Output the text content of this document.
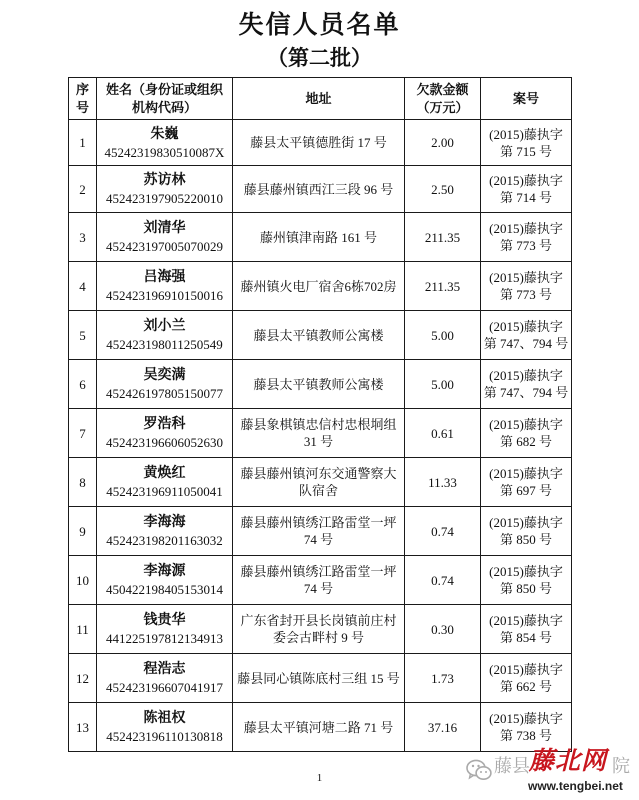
失信人员名单
（第二批）
序号	姓名（身份证或组织
机构代码）	地址	欠款金额
（万元）	案号
1	朱巍
45242319830510087X	藤县太平镇德胜街 17 号	2.00	(2015)藤执字
第 715 号

2	苏访林
452423197905220010	藤县藤州镇西江三段 96 号	2.50	(2015)藤执字
第 714 号

3	刘清华
452423197005070029	藤州镇津南路 161 号	211.35	(2015)藤执字
第 773 号

4	吕海强
452423196910150016	藤州镇火电厂宿舍6栋702房	211.35	(2015)藤执字
第 773 号

5	刘小兰
452423198011250549	藤县太平镇教师公寓楼	5.00	(2015)藤执字
第 747、794 号

6	吴奕满
452426197805150077	藤县太平镇教师公寓楼	5.00	(2015)藤执字
第 747、794 号

7	罗浩科
452423196606052630	藤县象棋镇忠信村忠根垌组
31 号	0.61	(2015)藤执字
第 682 号

8	黄焕红
452423196911050041	藤县藤州镇河东交通警察大
队宿舍	11.33	(2015)藤执字
第 697 号

9	李海海
452423198201163032	藤县藤州镇绣江路雷堂一坪
74 号	0.74	(2015)藤执字
第 850 号

10	李海源
450422198405153014	藤县藤州镇绣江路雷堂一坪
74 号	0.74	(2015)藤执字
第 850 号

11	钱贵华
441225197812134913	广东省封开县长岗镇前庄村
委会古畔村 9 号	0.30	(2015)藤执字
第 854 号

12	程浩志
452423196607041917	藤县同心镇陈底村三组 15 号	1.73	(2015)藤执字
第 662 号

13	陈祖权
452423196110130818	藤县太平镇河塘二路 71 号	37.16	(2015)藤执字
第 738 号
1
藤县 藤北网 院
www.tengbei.net
